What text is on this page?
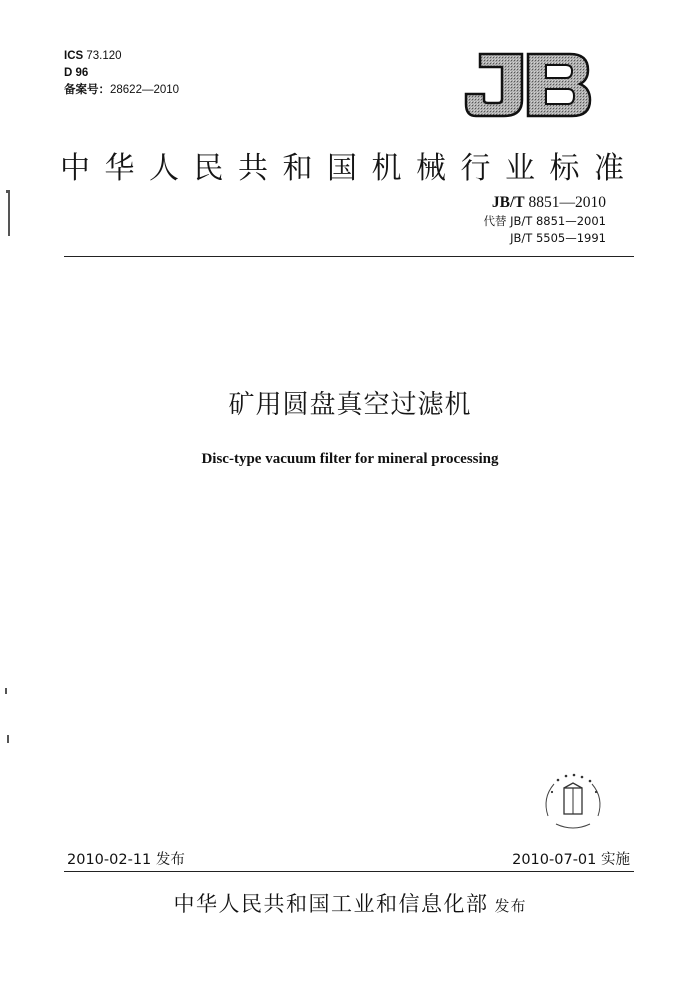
ICS 73.120
D 96
备案号：28622—2010
JB
中华人民共和国机械行业标准
JB/T 8851—2010
代替 JB/T 8851—2001
JB/T 5505—1991
矿用圆盘真空过滤机
Disc-type vacuum filter for mineral processing
2010-02-11 发布	2010-07-01 实施
中华人民共和国工业和信息化部 发布
